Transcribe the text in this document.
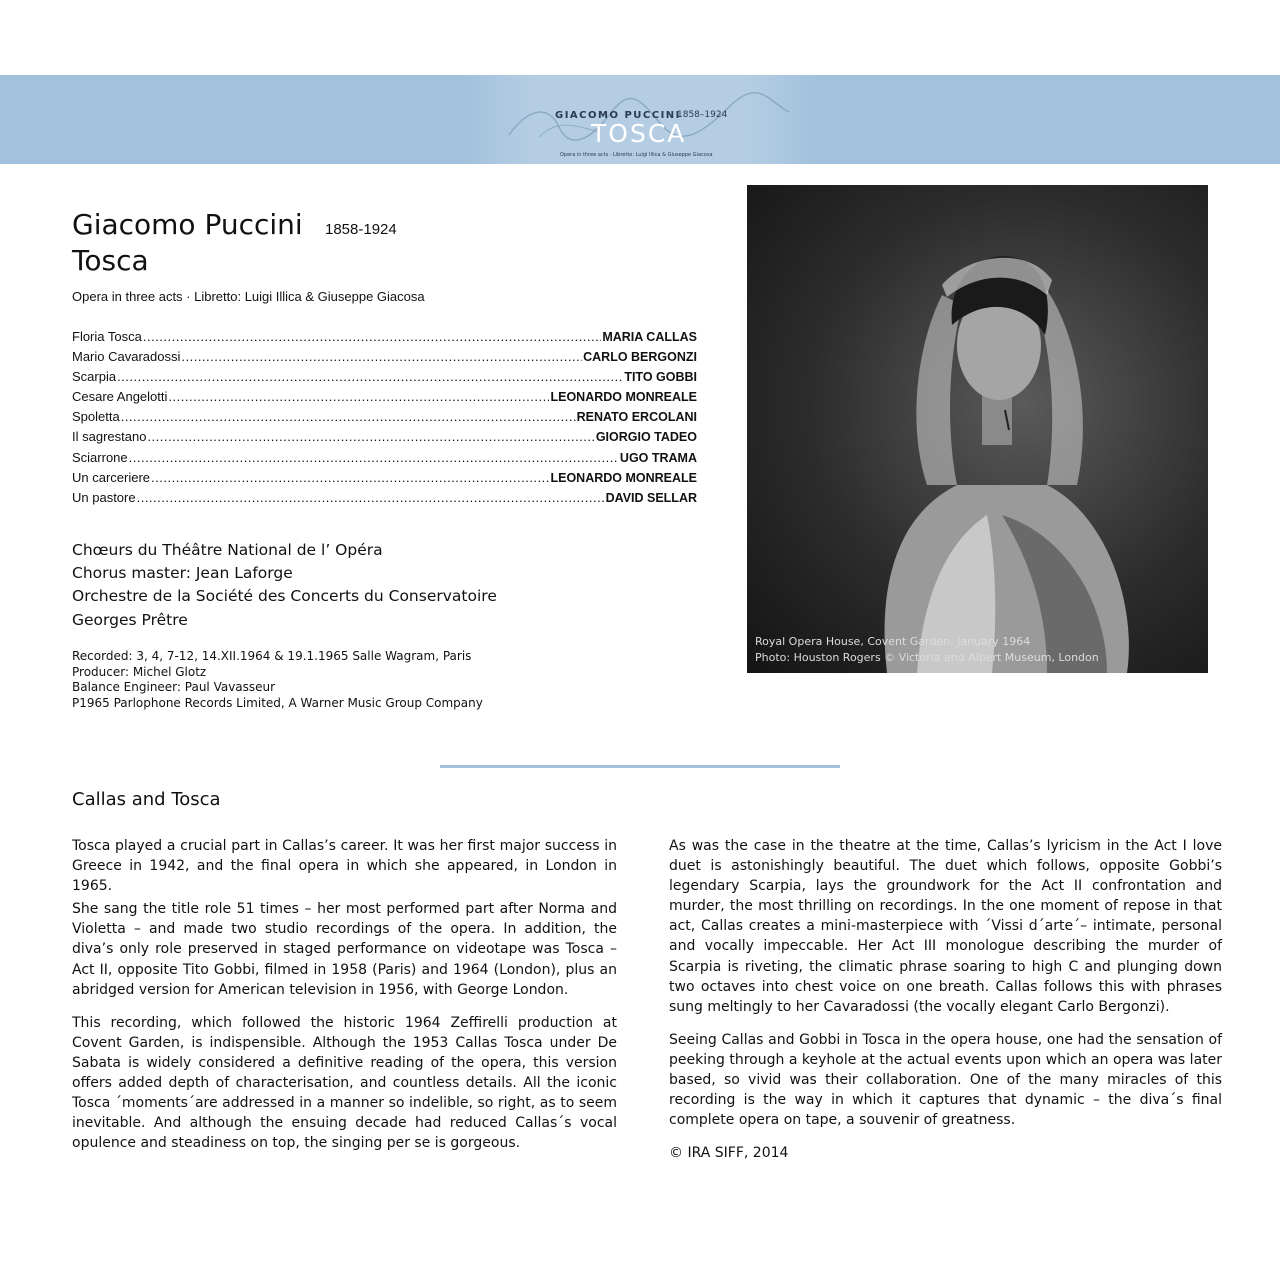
GIACOMO PUCCINI
1858–1924
TOSCA
Opera in three acts · Libretto: Luigi Illica & Giuseppe Giacosa
Giacomo Puccini 1858-1924
Tosca
Opera in three acts · Libretto: Luigi Illica & Giuseppe Giacosa
Floria Tosca .....	MARIA CALLAS
Mario Cavaradossi .....	CARLO BERGONZI
Scarpia .....	TITO GOBBI
Cesare Angelotti .....	LEONARDO MONREALE
Spoletta .....	RENATO ERCOLANI
Il sagrestano .....	GIORGIO TADEO
Sciarrone .....	UGO TRAMA
Un carceriere .....	LEONARDO MONREALE
Un pastore .....	DAVID SELLAR
Chœurs du Théâtre National de l’ Opéra
Chorus master: Jean Laforge
Orchestre de la Société des Concerts du Conservatoire
Georges Prêtre
Recorded: 3, 4, 7-12, 14.XII.1964 & 19.1.1965 Salle Wagram, Paris
Producer: Michel Glotz
Balance Engineer: Paul Vavasseur
P1965 Parlophone Records Limited, A Warner Music Group Company
Royal Opera House, Covent Garden, January 1964
Photo: Houston Rogers © Victoria and Albert Museum, London
Callas and Tosca

Tosca played a crucial part in Callas’s career. It was her first major success in Greece in 1942, and the final opera in which she appeared, in London in 1965.

She sang the title role 51 times – her most performed part after Norma and Violetta – and made two studio recordings of the opera. In addition, the diva’s only role preserved in staged performance on videotape was Tosca – Act II, opposite Tito Gobbi, filmed in 1958 (Paris) and 1964 (London), plus an abridged version for American television in 1956, with George London.

This recording, which followed the historic 1964 Zeffirelli production at Covent Garden, is indispensible. Although the 1953 Callas Tosca under De Sabata is widely considered a definitive reading of the opera, this version offers added depth of characterisation, and countless details. All the iconic Tosca ´moments´are addressed in a manner so indelible, so right, as to seem inevitable. And although the ensuing decade had reduced Callas´s vocal opulence and steadiness on top, the singing per se is gorgeous.

As was the case in the theatre at the time, Callas’s lyricism in the Act I love duet is astonishingly beautiful. The duet which follows, opposite Gobbi’s legendary Scarpia, lays the groundwork for the Act II confrontation and murder, the most thrilling on recordings. In the one moment of repose in that act, Callas creates a mini-masterpiece with ´Vissi d´arte´– intimate, personal and vocally impeccable. Her Act III monologue describing the murder of Scarpia is riveting, the climatic phrase soaring to high C and plunging down two octaves into chest voice on one breath. Callas follows this with phrases sung meltingly to her Cavaradossi (the vocally elegant Carlo Bergonzi).

Seeing Callas and Gobbi in Tosca in the opera house, one had the sensation of peeking through a keyhole at the actual events upon which an opera was later based, so vivid was their collaboration. One of the many miracles of this recording is the way in which it captures that dynamic – the diva´s final complete opera on tape, a souvenir of greatness.

© IRA SIFF, 2014
